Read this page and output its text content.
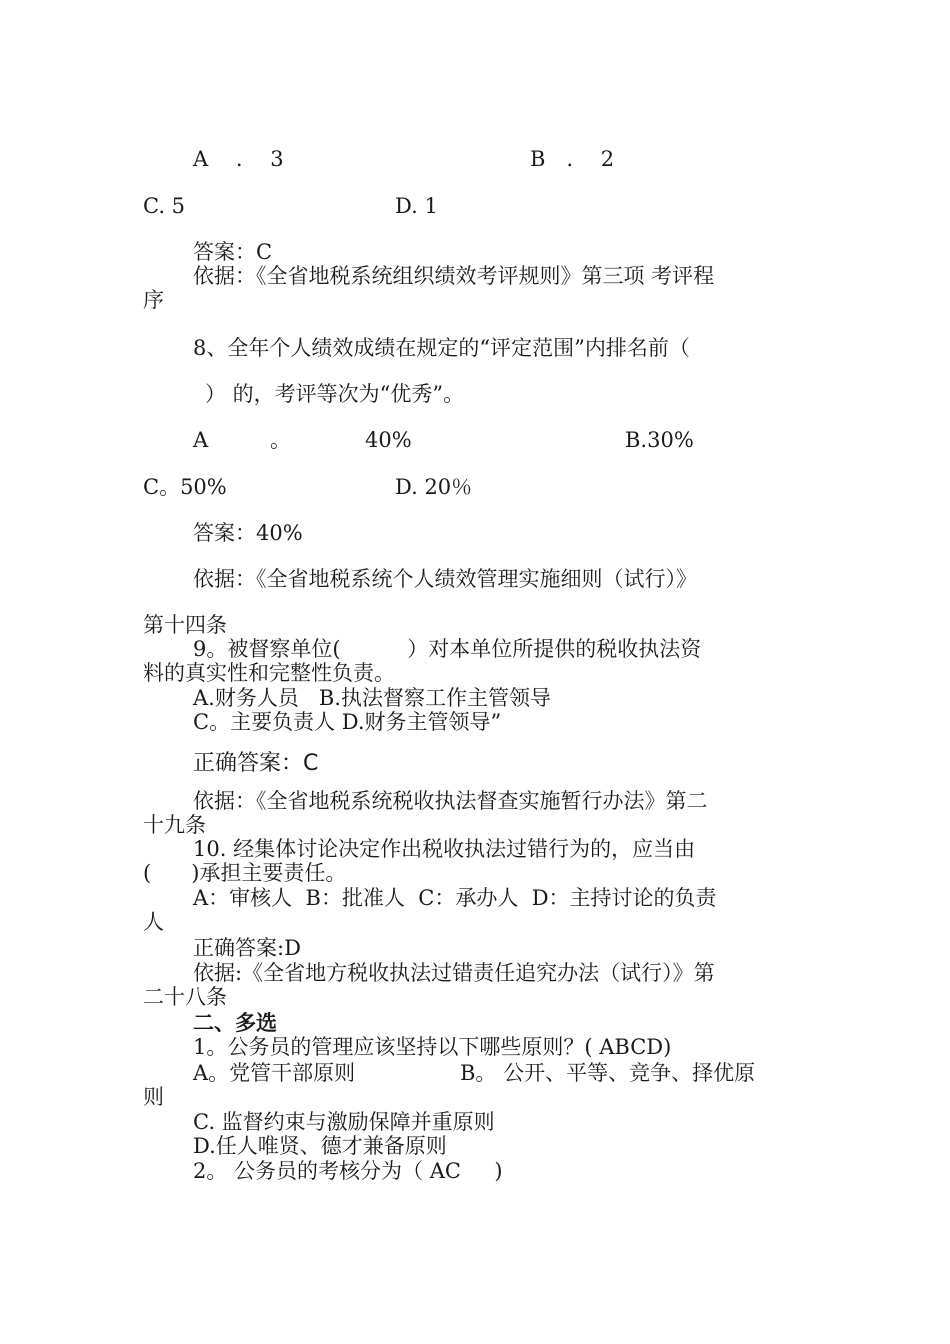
A　 .　 3	B　.　 2
C. 5	D. 1
答案：C
依据：《全省地税系统组织绩效考评规则》第三项 考评程
序
8、全年个人绩效成绩在规定的“评定范围”内排名前（
） 的，考评等次为“优秀”。
A	。	40%	B.30%
C。50%	D. 20％
答案：40%
依据：《全省地税系统个人绩效管理实施细则（试行）》
第十四条
9。被督察单位(          ）对本单位所提供的税收执法资
料的真实性和完整性负责。
A.财务人员   B.执法督察工作主管领导
C。主要负责人 D.财务主管领导”
正确答案：C
依据：《全省地税系统税收执法督查实施暂行办法》第二
十九条
10. 经集体讨论决定作出税收执法过错行为的，应当由
(      )承担主要责任。
A：审核人  B：批准人  C：承办人  D：主持讨论的负责
人
正确答案:D
依据:《全省地方税收执法过错责任追究办法（试行）》第
二十八条
二、多选
1。公务员的管理应该坚持以下哪些原则？( ABCD)
A。党管干部原则	B。 公开、平等、竞争、择优原
则
C. 监督约束与激励保障并重原则
D.任人唯贤、德才兼备原则
2。 公务员的考核分为（ AC     )
